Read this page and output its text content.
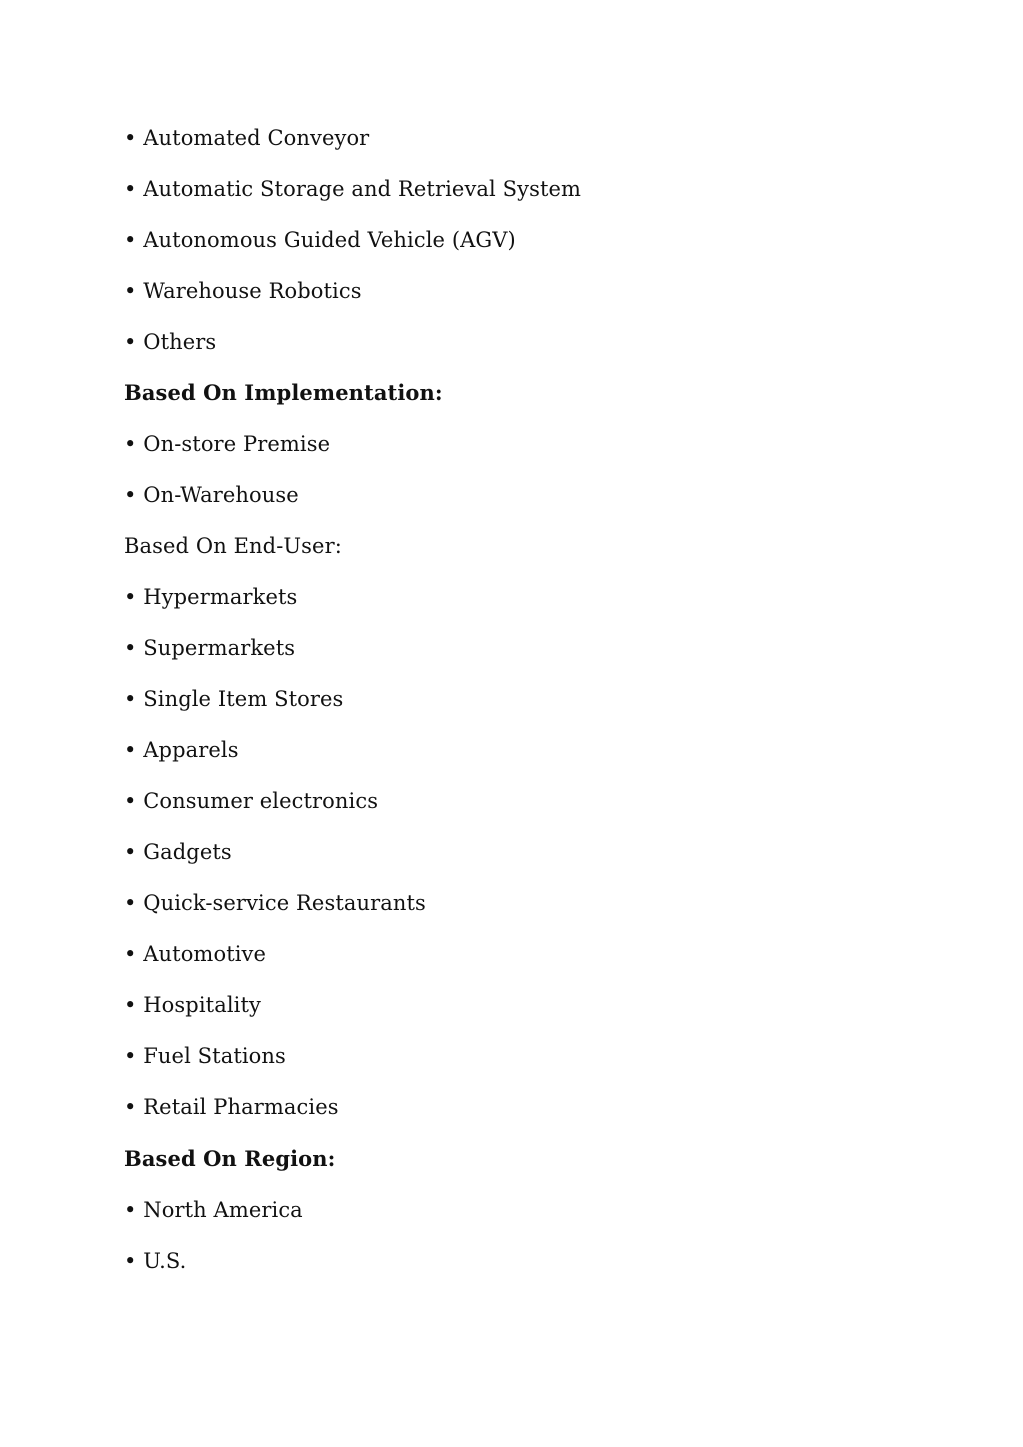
• Automated Conveyor
• Automatic Storage and Retrieval System
• Autonomous Guided Vehicle (AGV)
• Warehouse Robotics
• Others
Based On Implementation:
• On-store Premise
• On-Warehouse
Based On End-User:
• Hypermarkets
• Supermarkets
• Single Item Stores
• Apparels
• Consumer electronics
• Gadgets
• Quick-service Restaurants
• Automotive
• Hospitality
• Fuel Stations
• Retail Pharmacies
Based On Region:
• North America
• U.S.
